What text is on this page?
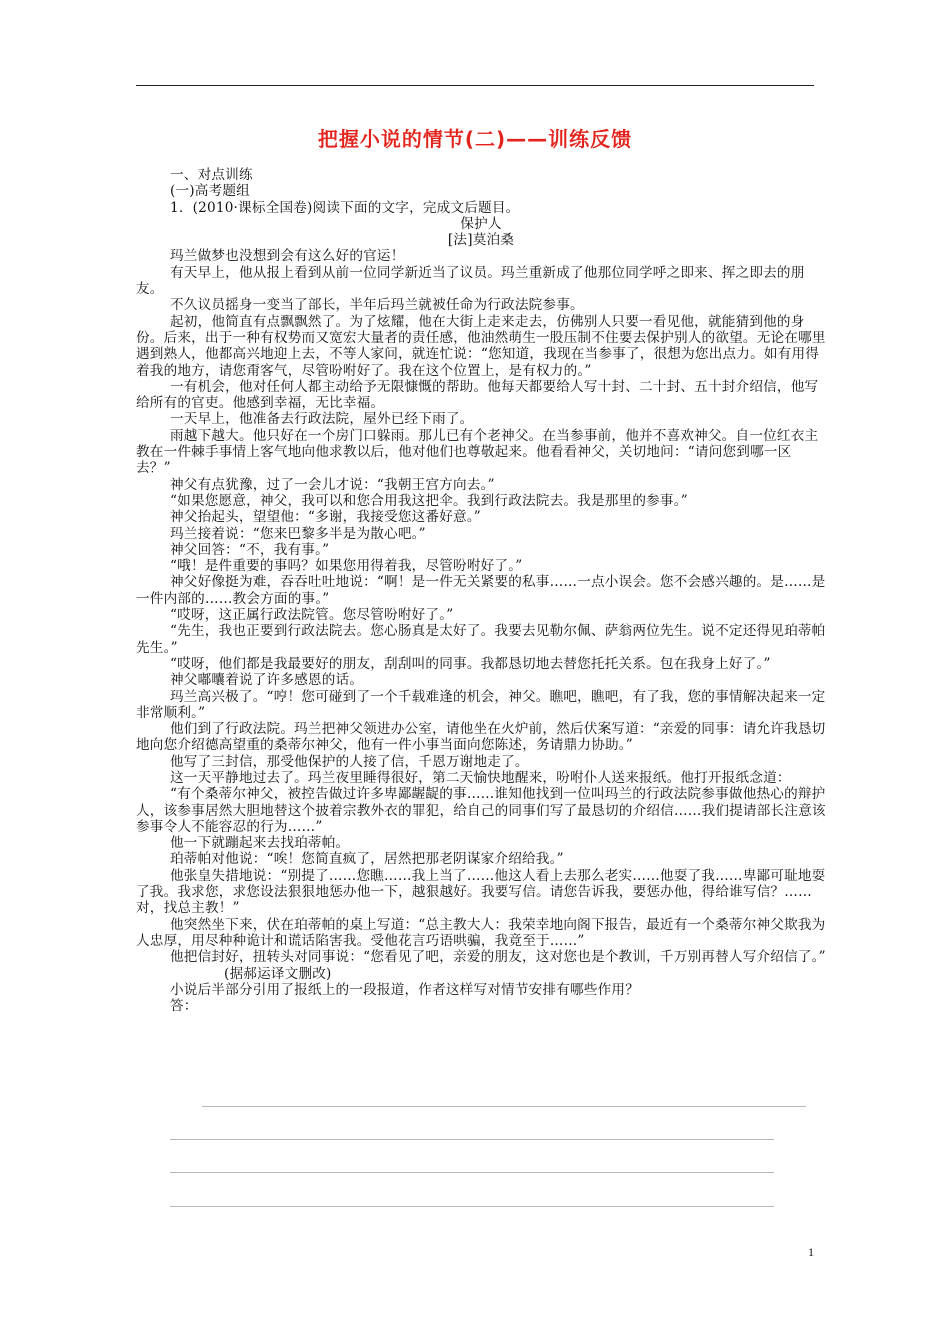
把握小说的情节(二)——训练反馈

一、对点训练

(一)高考题组

1．(2010·课标全国卷)阅读下面的文字，完成文后题目。

保护人

[法]莫泊桑

玛兰做梦也没想到会有这么好的官运！

有天早上，他从报上看到从前一位同学新近当了议员。玛兰重新成了他那位同学呼之即来、挥之即去的朋友。

不久议员摇身一变当了部长，半年后玛兰就被任命为行政法院参事。

起初，他简直有点飘飘然了。为了炫耀，他在大街上走来走去，仿佛别人只要一看见他，就能猜到他的身份。后来，出于一种有权势而又宽宏大量者的责任感，他油然萌生一股压制不住要去保护别人的欲望。无论在哪里遇到熟人，他都高兴地迎上去，不等人家问，就连忙说：“您知道，我现在当参事了，很想为您出点力。如有用得着我的地方，请您甭客气，尽管吩咐好了。我在这个位置上，是有权力的。”

一有机会，他对任何人都主动给予无限慷慨的帮助。他每天都要给人写十封、二十封、五十封介绍信，他写给所有的官吏。他感到幸福，无比幸福。

一天早上，他准备去行政法院，屋外已经下雨了。

雨越下越大。他只好在一个房门口躲雨。那儿已有个老神父。在当参事前，他并不喜欢神父。自一位红衣主教在一件棘手事情上客气地向他求教以后，他对他们也尊敬起来。他看看神父，关切地问：“请问您到哪一区去？”

神父有点犹豫，过了一会儿才说：“我朝王宫方向去。”

“如果您愿意，神父，我可以和您合用我这把伞。我到行政法院去。我是那里的参事。”

神父抬起头，望望他：“多谢，我接受您这番好意。”

玛兰接着说：“您来巴黎多半是为散心吧。”

神父回答：“不，我有事。”

“哦！是件重要的事吗？如果您用得着我，尽管吩咐好了。”

神父好像挺为难，吞吞吐吐地说：“啊！是一件无关紧要的私事……一点小误会。您不会感兴趣的。是……是一件内部的……教会方面的事。”

“哎呀，这正属行政法院管。您尽管吩咐好了。”

“先生，我也正要到行政法院去。您心肠真是太好了。我要去见勒尔佩、萨翁两位先生。说不定还得见珀蒂帕先生。”

“哎呀，他们都是我最要好的朋友，刮刮叫的同事。我都恳切地去替您托托关系。包在我身上好了。”

神父嘟囔着说了许多感恩的话。

玛兰高兴极了。“哼！您可碰到了一个千载难逢的机会，神父。瞧吧，瞧吧，有了我，您的事情解决起来一定非常顺利。”

他们到了行政法院。玛兰把神父领进办公室，请他坐在火炉前，然后伏案写道：“亲爱的同事：请允许我恳切地向您介绍德高望重的桑蒂尔神父，他有一件小事当面向您陈述，务请鼎力协助。”

他写了三封信，那受他保护的人接了信，千恩万谢地走了。

这一天平静地过去了。玛兰夜里睡得很好，第二天愉快地醒来，吩咐仆人送来报纸。他打开报纸念道：

“有个桑蒂尔神父，被控告做过许多卑鄙龌龊的事……谁知他找到一位叫玛兰的行政法院参事做他热心的辩护人，该参事居然大胆地替这个披着宗教外衣的罪犯，给自己的同事们写了最恳切的介绍信……我们提请部长注意该参事令人不能容忍的行为……”

他一下就蹦起来去找珀蒂帕。

珀蒂帕对他说：“唉！您简直疯了，居然把那老阴谋家介绍给我。”

他张皇失措地说：“别提了……您瞧……我上当了……他这人看上去那么老实……他耍了我……卑鄙可耻地耍了我。我求您，求您设法狠狠地惩办他一下，越狠越好。我要写信。请您告诉我，要惩办他，得给谁写信？……对，找总主教！”

他突然坐下来，伏在珀蒂帕的桌上写道：“总主教大人：我荣幸地向阁下报告，最近有一个桑蒂尔神父欺我为人忠厚，用尽种种诡计和谎话陷害我。受他花言巧语哄骗，我竟至于……”

他把信封好，扭转头对同事说：“您看见了吧，亲爱的朋友，这对您也是个教训，千万别再替人写介绍信了。”(据郝运译文删改)

小说后半部分引用了报纸上的一段报道，作者这样写对情节安排有哪些作用？

答：

1
